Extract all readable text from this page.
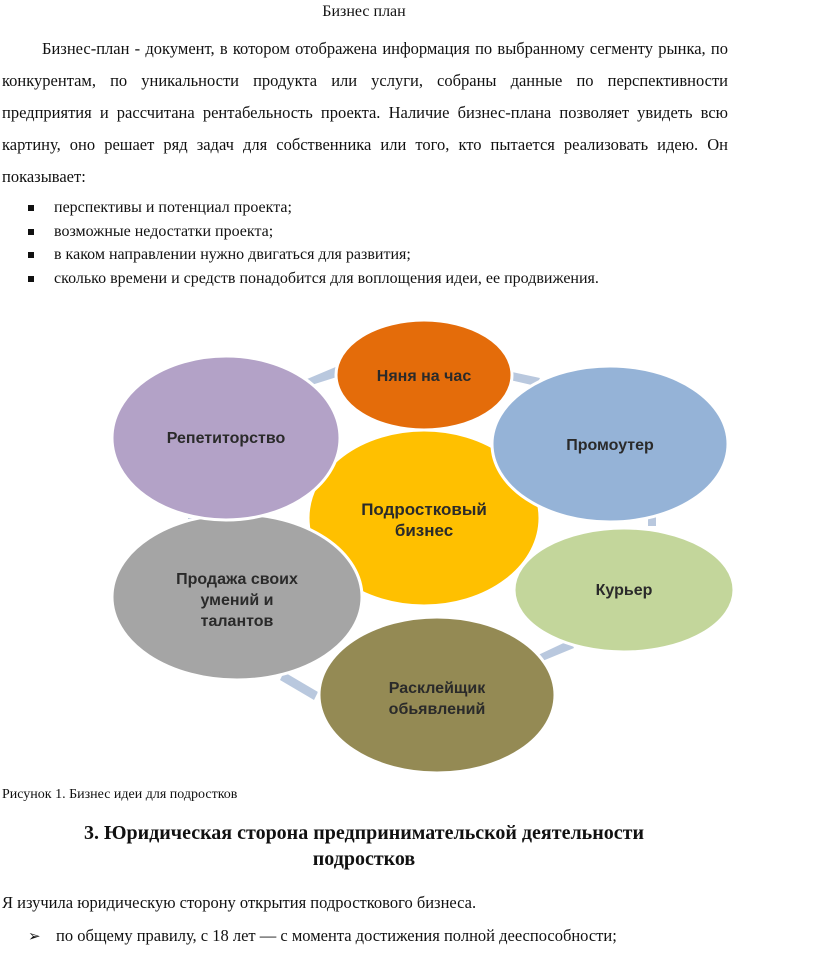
Бизнес план

Бизнес-план - документ, в котором отображена информация по выбранному сегменту рынка, по конкурентам, по уникальности продукта или услуги, собраны данные по перспективности предприятия и рассчитана рентабельность проекта. Наличие бизнес-плана позволяет увидеть всю картину, оно решает ряд задач для собственника или того, кто пытается реализовать идею. Он показывает:

перспективы и потенциал проекта;
возможные недостатки проекта;
в каком направлении нужно двигаться для развития;
сколько времени и средств понадобится для воплощения идеи, ее продвижения.
Подростковый
бизнес
Няня на час
Промоутер
Курьер
Расклейщик
обьявлений
Продажа своих
умений и
талантов
Репетиторство
Рисунок 1. Бизнес идеи для подростков
3. Юридическая сторона предпринимательской деятельности
подростков
Я изучила юридическую сторону открытия подросткового бизнеса.
➢ по общему правилу, с 18 лет — с момента достижения полной дееспособности;
